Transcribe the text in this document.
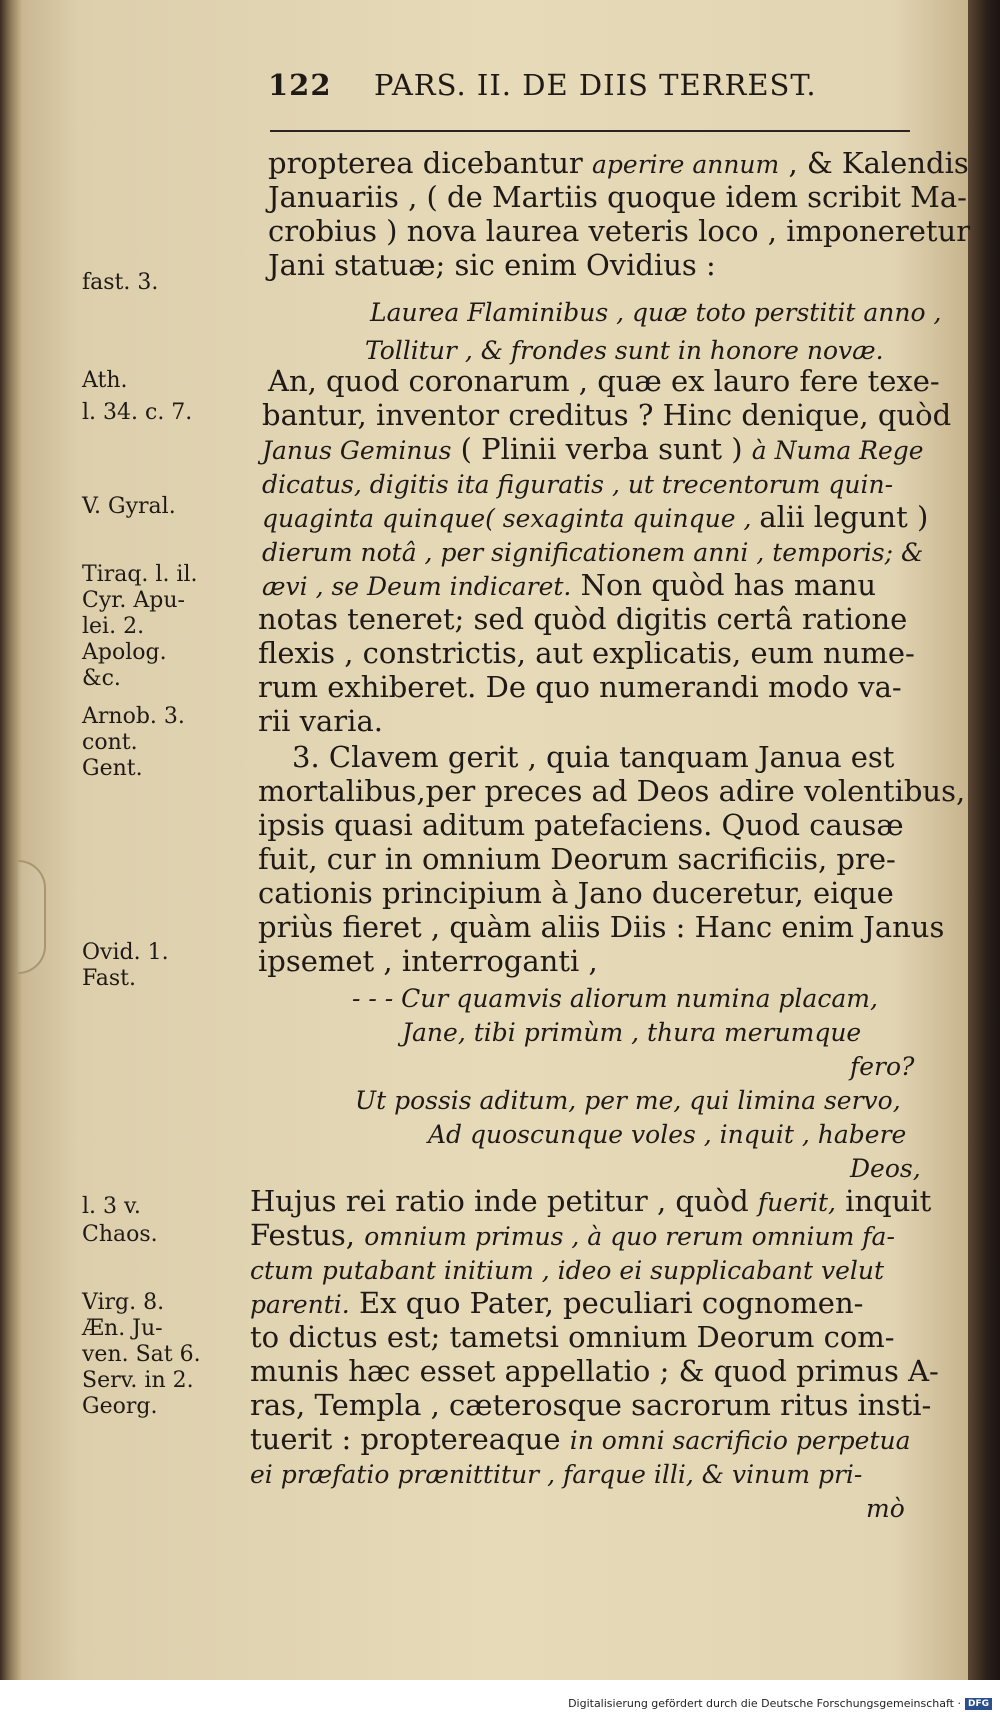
122 PARS. II. DE DIIS TERREST.
propterea dicebantur aperire annum , & Kalendis
Januariis , ( de Martiis quoque idem scribit Ma-
crobius ) nova laurea veteris loco , imponeretur
Jani statuæ; sic enim Ovidius :
Laurea Flaminibus , quæ toto perstitit anno ,
Tollitur , & frondes sunt in honore novæ.
An, quod coronarum , quæ ex lauro fere texe-
bantur, inventor creditus ? Hinc denique, quòd
Janus Geminus ( Plinii verba sunt ) à Numa Rege
dicatus, digitis ita figuratis , ut trecentorum quin-
quaginta quinque( sexaginta quinque , alii legunt )
dierum notâ , per significationem anni , temporis; &
ævi , se Deum indicaret. Non quòd has manu
notas teneret; sed quòd digitis certâ ratione
flexis , constrictis, aut explicatis, eum nume-
rum exhiberet. De quo numerandi modo va-
rii varia.
3. Clavem gerit , quia tanquam Janua est
mortalibus,per preces ad Deos adire volentibus,
ipsis quasi aditum patefaciens. Quod causæ
fuit, cur in omnium Deorum sacrificiis, pre-
cationis principium à Jano duceretur, eique
priùs fieret , quàm aliis Diis : Hanc enim Janus
ipsemet , interroganti ,
- - - Cur quamvis aliorum numina placam,
Jane, tibi primùm , thura merumque
fero?
Ut possis aditum, per me, qui limina servo,
Ad quoscunque voles , inquit , habere
Deos,
Hujus rei ratio inde petitur , quòd fuerit, inquit
Festus, omnium primus , à quo rerum omnium fa-
ctum putabant initium , ideo ei supplicabant velut
parenti. Ex quo Pater, peculiari cognomen-
to dictus est; tametsi omnium Deorum com-
munis hæc esset appellatio ; & quod primus A-
ras, Templa , cæterosque sacrorum ritus insti-
tuerit : proptereaque in omni sacrificio perpetua
ei præfatio prænittitur , farque illi, & vinum pri-
mò
fast. 3.
Ath.
l. 34. c. 7.
V. Gyral.
Tiraq. l. il.
Cyr. Apu-
lei. 2.
Apolog.
&c.
Arnob. 3.
cont.
Gent.
Ovid. 1.
Fast.
l. 3 v.
Chaos.
Virg. 8.
Æn. Ju-
ven. Sat 6.
Serv. in 2.
Georg.
Digitalisierung gefördert durch die Deutsche Forschungsgemeinschaft · DFG
